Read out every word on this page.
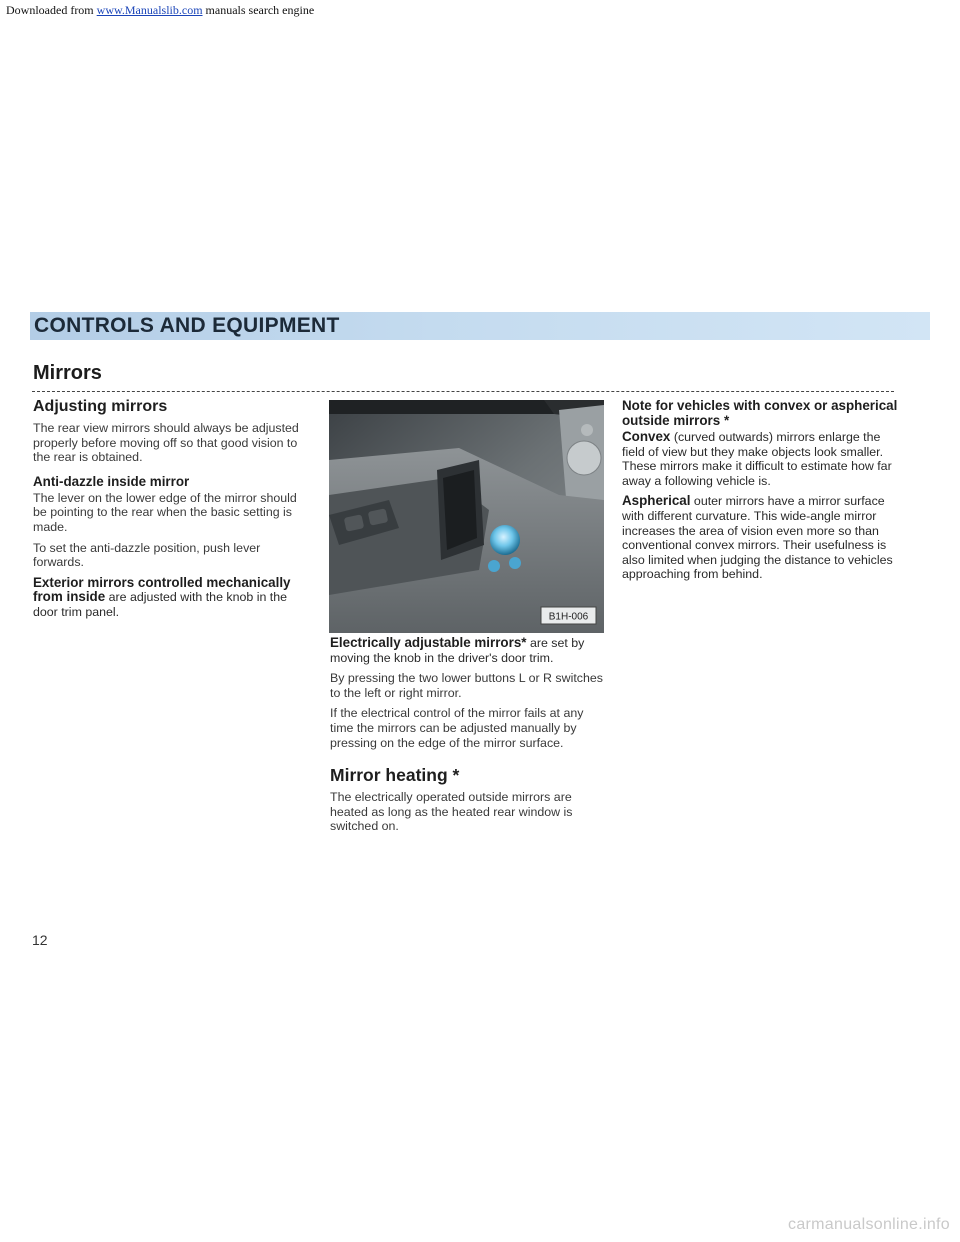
Downloaded from www.Manualslib.com manuals search engine
CONTROLS AND EQUIPMENT
Mirrors
Adjusting mirrors

The rear view mirrors should always be adjusted properly before moving off so that good vision to the rear is obtained.

Anti-dazzle inside mirror

The lever on the lower edge of the mirror should be pointing to the rear when the basic setting is made.

To set the anti-dazzle position, push lever forwards.

Exterior mirrors controlled mechanically from inside are adjusted with the knob in the door trim panel.	B1H-006

Electrically adjustable mirrors* are set by moving the knob in the driver's door trim.

By pressing the two lower buttons L or R switches to the left or right mirror.

If the electrical control of the mirror fails at any time the mirrors can be adjusted manually by pressing on the edge of the mirror surface.

Mirror heating *

The electrically operated outside mirrors are heated as long as the heated rear window is switched on.

Note for vehicles with convex or aspherical outside mirrors *

Convex (curved outwards) mirrors enlarge the field of view but they make objects look smaller. These mirrors make it difficult to estimate how far away a following vehicle is.

Aspherical outer mirrors have a mirror surface with different curvature. This wide-angle mirror increases the area of vision even more so than conventional convex mirrors. Their usefulness is also limited when judging the distance to vehicles approaching from behind.

12
carmanualsonline.info
